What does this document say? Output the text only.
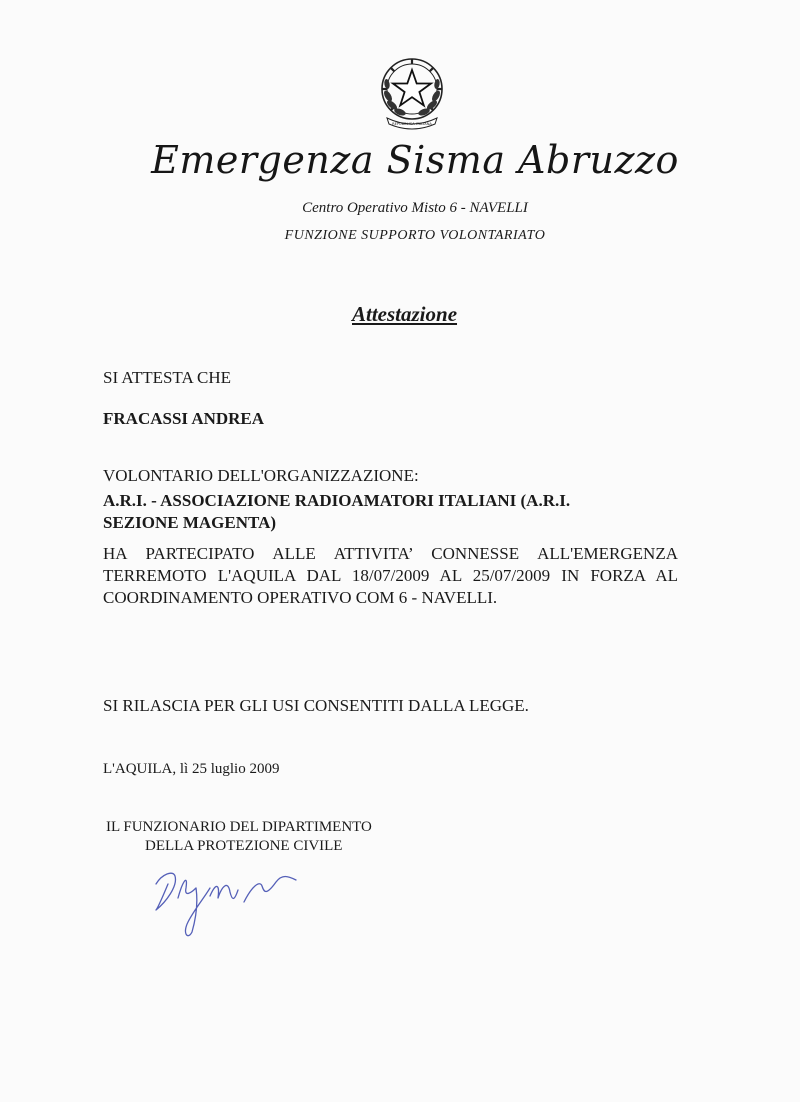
REPUBBLICA ITALIANA
Emergenza Sisma Abruzzo
Centro Operativo Misto 6 - NAVELLI
FUNZIONE SUPPORTO VOLONTARIATO
Attestazione
SI ATTESTA CHE
FRACASSI ANDREA
VOLONTARIO DELL'ORGANIZZAZIONE:
A.R.I. - ASSOCIAZIONE RADIOAMATORI ITALIANI (A.R.I.
SEZIONE MAGENTA)
HA PARTECIPATO ALLE ATTIVITA’ CONNESSE ALL'EMERGENZA
TERREMOTO L'AQUILA DAL 18/07/2009 AL 25/07/2009 IN FORZA AL
COORDINAMENTO OPERATIVO COM 6 - NAVELLI.
SI RILASCIA PER GLI USI CONSENTITI DALLA LEGGE.
L'AQUILA, lì 25 luglio 2009
IL FUNZIONARIO DEL DIPARTIMENTO
DELLA PROTEZIONE CIVILE
